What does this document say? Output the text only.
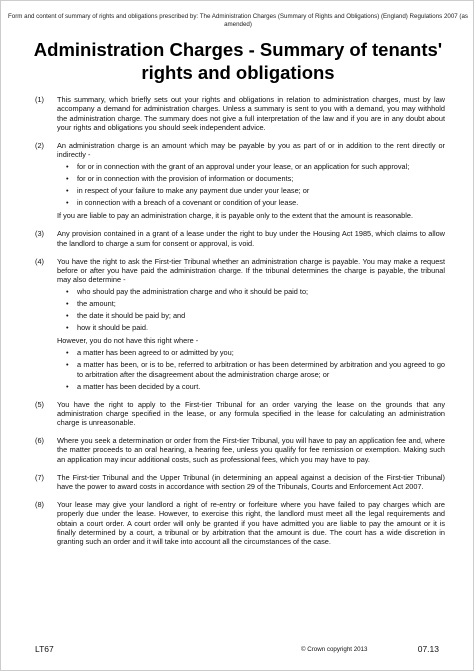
Form and content of summary of rights and obligations prescribed by: The Administration Charges (Summary of Rights and Obligations) (England) Regulations 2007 (as amended)
Administration Charges - Summary of tenants' rights and obligations
(1) This summary, which briefly sets out your rights and obligations in relation to administration charges, must by law accompany a demand for administration charges. Unless a summary is sent to you with a demand, you may withhold the administration charge. The summary does not give a full interpretation of the law and if you are in any doubt about your rights and obligations you should seek independent advice.

(2) An administration charge is an amount which may be payable by you as part of or in addition to the rent directly or indirectly -

• for or in connection with the grant of an approval under your lease, or an application for such approval;
• for or in connection with the provision of information or documents;
• in respect of your failure to make any payment due under your lease; or
• in connection with a breach of a covenant or condition of your lease.

If you are liable to pay an administration charge, it is payable only to the extent that the amount is reasonable.

(3) Any provision contained in a grant of a lease under the right to buy under the Housing Act 1985, which claims to allow the landlord to charge a sum for consent or approval, is void.

(4) You have the right to ask the First-tier Tribunal whether an administration charge is payable. You may make a request before or after you have paid the administration charge. If the tribunal determines the charge is payable, the tribunal may also determine -

• who should pay the administration charge and who it should be paid to;
• the amount;
• the date it should be paid by; and
• how it should be paid.

However, you do not have this right where -

• a matter has been agreed to or admitted by you;
• a matter has been, or is to be, referred to arbitration or has been determined by arbitration and you agreed to go to arbitration after the disagreement about the administration charge arose; or
• a matter has been decided by a court.
(5) You have the right to apply to the First-tier Tribunal for an order varying the lease on the grounds that any administration charge specified in the lease, or any formula specified in the lease for calculating an administration charge is unreasonable.

(6) Where you seek a determination or order from the First-tier Tribunal, you will have to pay an application fee and, where the matter proceeds to an oral hearing, a hearing fee, unless you qualify for fee remission or exemption. Making such an application may incur additional costs, such as professional fees, which you may have to pay.

(7) The First-tier Tribunal and the Upper Tribunal (in determining an appeal against a decision of the First-tier Tribunal) have the power to award costs in accordance with section 29 of the Tribunals, Courts and Enforcement Act 2007.

(8) Your lease may give your landlord a right of re-entry or forfeiture where you have failed to pay charges which are properly due under the lease. However, to exercise this right, the landlord must meet all the legal requirements and obtain a court order. A court order will only be granted if you have admitted you are liable to pay the amount or it is finally determined by a court, a tribunal or by arbitration that the amount is due. The court has a wide discretion in granting such an order and it will take into account all the circumstances of the case.

LT67	© Crown copyright 2013	07.13
